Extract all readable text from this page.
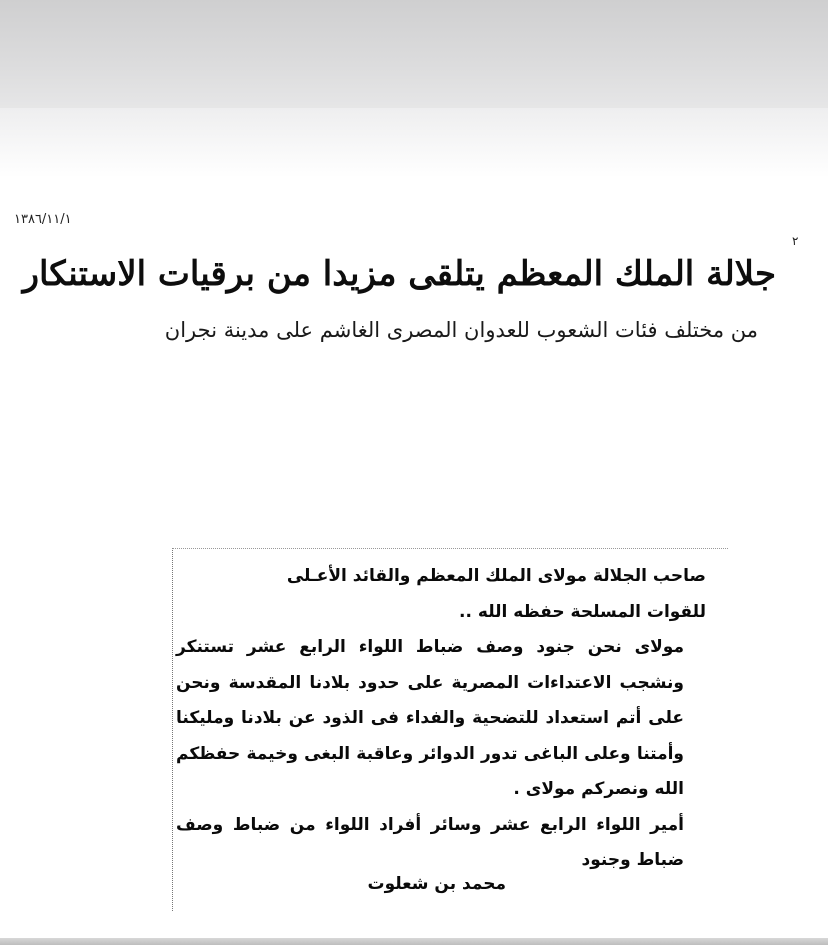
١٣٨٦/١١/١
٢
جلالة الملك المعظم يتلقى مزيدا من برقيات الاستنكار
من مختلف فئات الشعوب للعدوان المصرى الغاشم على مدينة نجران

صاحب الجلالة مولاى الملك المعظم والقائد الأعـلى

للقوات المسلحة حفظه الله ..

مولاى نحن جنود وصف ضباط اللواء الرابع عشر تستنكر ونشجب الاعتداءات المصرية على حدود بلادنا المقدسة ونحن على أتم استعداد للتضحية والفداء فى الذود عن بلادنا ومليكنا وأمتنا وعلى الباغى تدور الدوائر وعاقبة البغى وخيمة حفظكم الله ونصركم مولاى .

أمير اللواء الرابع عشر وسائر أفراد اللواء من ضباط وصف ضباط وجنود

محمد بن شعلوت
